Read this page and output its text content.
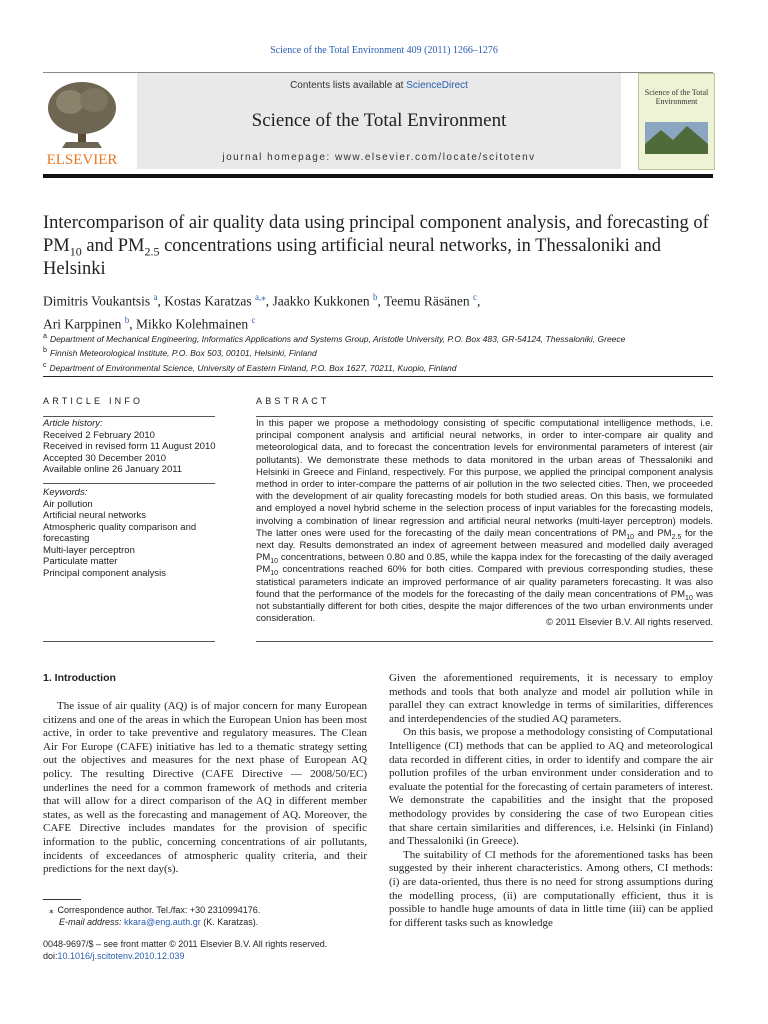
Science of the Total Environment 409 (2011) 1266–1276
ELSEVIER
Contents lists available at ScienceDirect
Science of the Total Environment
journal homepage: www.elsevier.com/locate/scitotenv
Science of the Total Environment
Intercomparison of air quality data using principal component analysis, and forecasting of $PM_{10}$ and $PM_{2.5}$ concentrations using artificial neural networks, in Thessaloniki and Helsinki
Dimitris Voukantsis $^a$, Kostas Karatzas $^{a,⁎}$, Jaakko Kukkonen $^b$, Teemu Räsänen $^c$,
Ari Karppinen $^b$, Mikko Kolehmainen $^c$
$^a$ Department of Mechanical Engineering, Informatics Applications and Systems Group, Aristotle University, P.O. Box 483, GR-54124, Thessaloniki, Greece
$^b$ Finnish Meteorological Institute, P.O. Box 503, 00101, Helsinki, Finland
$^c$ Department of Environmental Science, University of Eastern Finland, P.O. Box 1627, 70211, Kuopio, Finland
ARTICLE INFO
Article history:
Received 2 February 2010
Received in revised form 11 August 2010
Accepted 30 December 2010
Available online 26 January 2011
Keywords:
Air pollution
Artificial neural networks
Atmospheric quality comparison and forecasting
Multi-layer perceptron
Particulate matter
Principal component analysis
ABSTRACT
In this paper we propose a methodology consisting of specific computational intelligence methods, i.e. principal component analysis and artificial neural networks, in order to inter-compare air quality and meteorological data, and to forecast the concentration levels for environmental parameters of interest (air pollutants). We demonstrate these methods to data monitored in the urban areas of Thessaloniki and Helsinki in Greece and Finland, respectively. For this purpose, we applied the principal component analysis method in order to inter-compare the patterns of air pollution in the two selected cities. Then, we proceeded with the development of air quality forecasting models for both studied areas. On this basis, we formulated and employed a novel hybrid scheme in the selection process of input variables for the forecasting models, involving a combination of linear regression and artificial neural networks (multi-layer perceptron) models. The latter ones were used for the forecasting of the daily mean concentrations of $PM_{10}$ and $PM_{2.5}$ for the next day. Results demonstrated an index of agreement between measured and modelled daily averaged $PM_{10}$ concentrations, between 0.80 and 0.85, while the kappa index for the forecasting of the daily averaged $PM_{10}$ concentrations reached 60% for both cities. Compared with previous corresponding studies, these statistical parameters indicate an improved performance of air quality parameters forecasting. It was also found that the performance of the models for the forecasting of the daily mean concentrations of $PM_{10}$ was not substantially different for both cities, despite the major differences of the two urban environments under consideration.	© 2011 Elsevier B.V. All rights reserved.
1. Introduction

The issue of air quality (AQ) is of major concern for many European citizens and one of the areas in which the European Union has been most active, in order to take preventive and regulatory measures. The Clean Air For Europe (CAFE) initiative has led to a thematic strategy setting out the objectives and measures for the next phase of European AQ policy. The resulting Directive (CAFE Directive — 2008/50/EC) underlines the need for a common framework of methods and criteria that will allow for a direct comparison of the AQ in different member states, as well as the forecasting and management of AQ. Moreover, the CAFE Directive includes mandates for the provision of specific information to the public, concerning concentrations of air pollutants, incidents of exceedances of atmospheric quality criteria, and their predictions for the next day(s).

Given the aforementioned requirements, it is necessary to employ methods and tools that both analyze and model air pollution while in parallel they can extract knowledge in terms of similarities, differences and interdependencies of the studied AQ parameters.

On this basis, we propose a methodology consisting of Computational Intelligence (CI) methods that can be applied to AQ and meteorological data recorded in different cities, in order to identify and compare the air pollution profiles of the urban environment under consideration and to evaluate the potential for the forecasting of certain parameters of interest. We demonstrate the capabilities and the insight that the proposed methodology provides by considering the case of two European cities that share certain similarities and differences, i.e. Helsinki (in Finland) and Thessaloniki (in Greece).

The suitability of CI methods for the aforementioned tasks has been suggested by their inherent characteristics. Among others, CI methods: (i) are data-oriented, thus there is no need for strong assumptions during the modelling process, (ii) are computationally efficient, thus it is possible to handle huge amounts of data in little time (iii) can be applied for different tasks such as knowledge

⁎ Correspondence author. Tel./fax: +30 2310994176.
E-mail address: kkara@eng.auth.gr (K. Karatzas).
0048-9697/$ – see front matter © 2011 Elsevier B.V. All rights reserved.
doi:10.1016/j.scitotenv.2010.12.039
